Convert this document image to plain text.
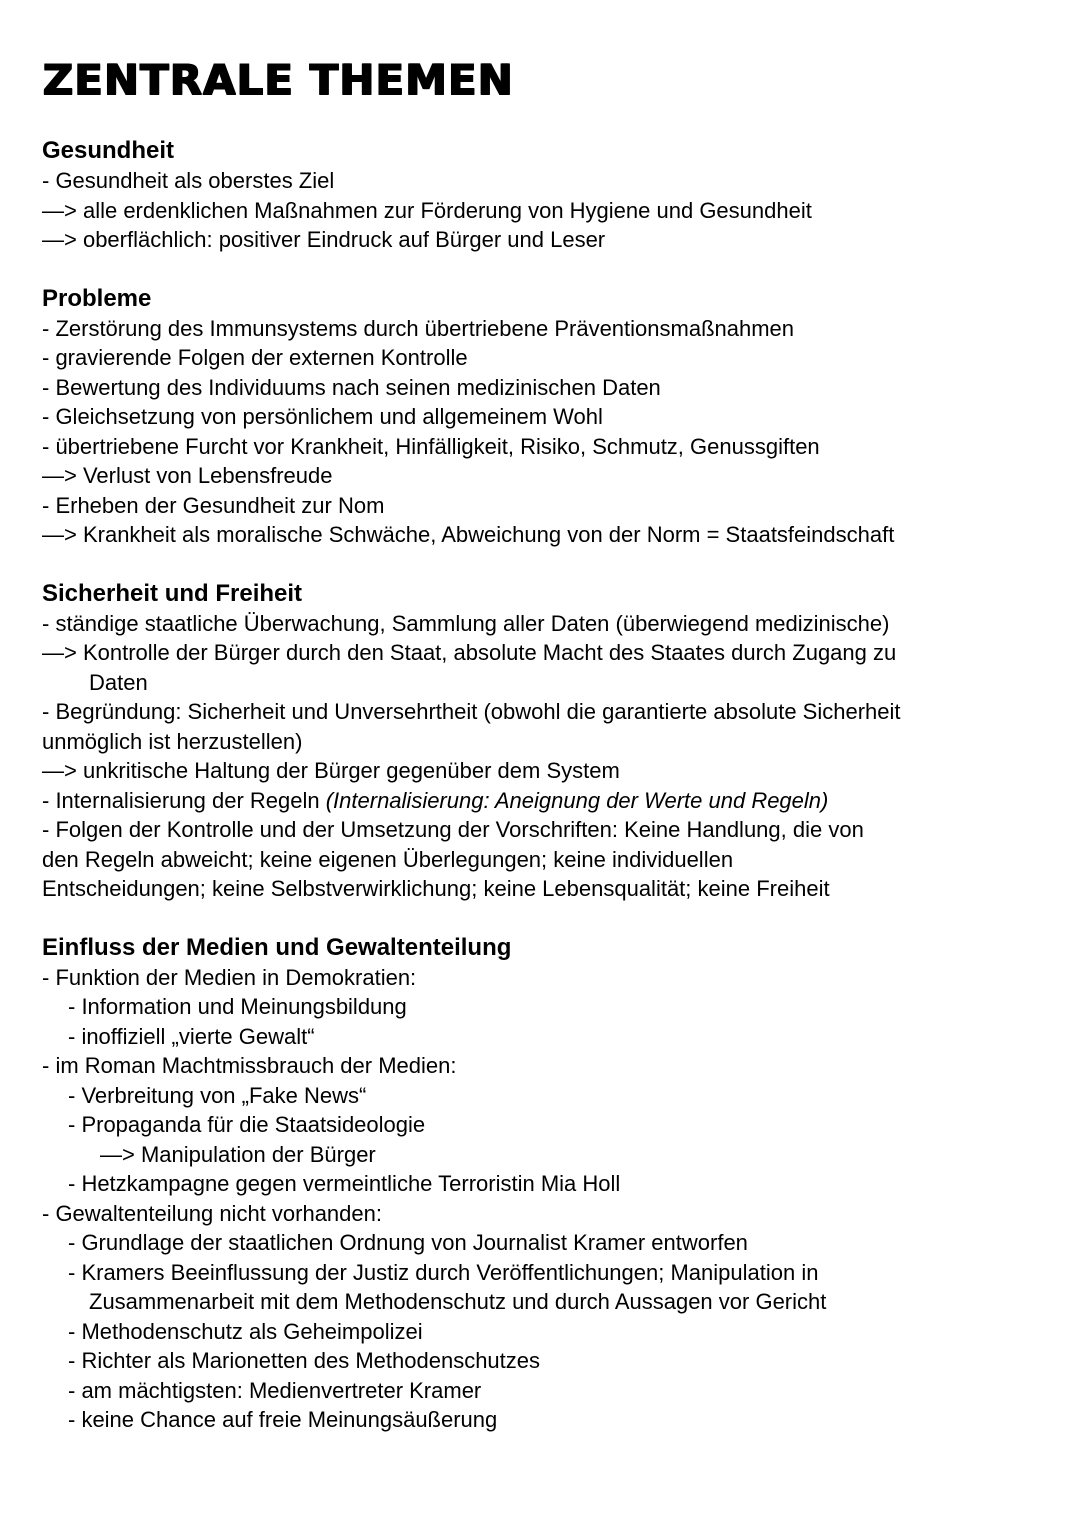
ZENTRALE THEMEN
Gesundheit

- Gesundheit als oberstes Ziel

—> alle erdenklichen Maßnahmen zur Förderung von Hygiene und Gesundheit

—> oberflächlich: positiver Eindruck auf Bürger und Leser

Probleme

- Zerstörung des Immunsystems durch übertriebene Präventionsmaßnahmen

- gravierende Folgen der externen Kontrolle

- Bewertung des Individuums nach seinen medizinischen Daten

- Gleichsetzung von persönlichem und allgemeinem Wohl

- übertriebene Furcht vor Krankheit, Hinfälligkeit, Risiko, Schmutz, Genussgiften

—> Verlust von Lebensfreude

- Erheben der Gesundheit zur Nom

—> Krankheit als moralische Schwäche, Abweichung von der Norm = Staatsfeindschaft

Sicherheit und Freiheit

- ständige staatliche Überwachung, Sammlung aller Daten (überwiegend medizinische)

—> Kontrolle der Bürger durch den Staat, absolute Macht des Staates durch Zugang zu

Daten

- Begründung: Sicherheit und Unversehrtheit (obwohl die garantierte absolute Sicherheit

unmöglich ist herzustellen)

—> unkritische Haltung der Bürger gegenüber dem System

- Internalisierung der Regeln (Internalisierung: Aneignung der Werte und Regeln)

- Folgen der Kontrolle und der Umsetzung der Vorschriften: Keine Handlung, die von

den Regeln abweicht; keine eigenen Überlegungen; keine individuellen

Entscheidungen; keine Selbstverwirklichung; keine Lebensqualität; keine Freiheit

Einfluss der Medien und Gewaltenteilung

- Funktion der Medien in Demokratien:

- Information und Meinungsbildung

- inoffiziell „vierte Gewalt“

- im Roman Machtmissbrauch der Medien:

- Verbreitung von „Fake News“

- Propaganda für die Staatsideologie

—> Manipulation der Bürger

- Hetzkampagne gegen vermeintliche Terroristin Mia Holl

- Gewaltenteilung nicht vorhanden:

- Grundlage der staatlichen Ordnung von Journalist Kramer entworfen

- Kramers Beeinflussung der Justiz durch Veröffentlichungen; Manipulation in

Zusammenarbeit mit dem Methodenschutz und durch Aussagen vor Gericht

- Methodenschutz als Geheimpolizei

- Richter als Marionetten des Methodenschutzes

- am mächtigsten: Medienvertreter Kramer

- keine Chance auf freie Meinungsäußerung
